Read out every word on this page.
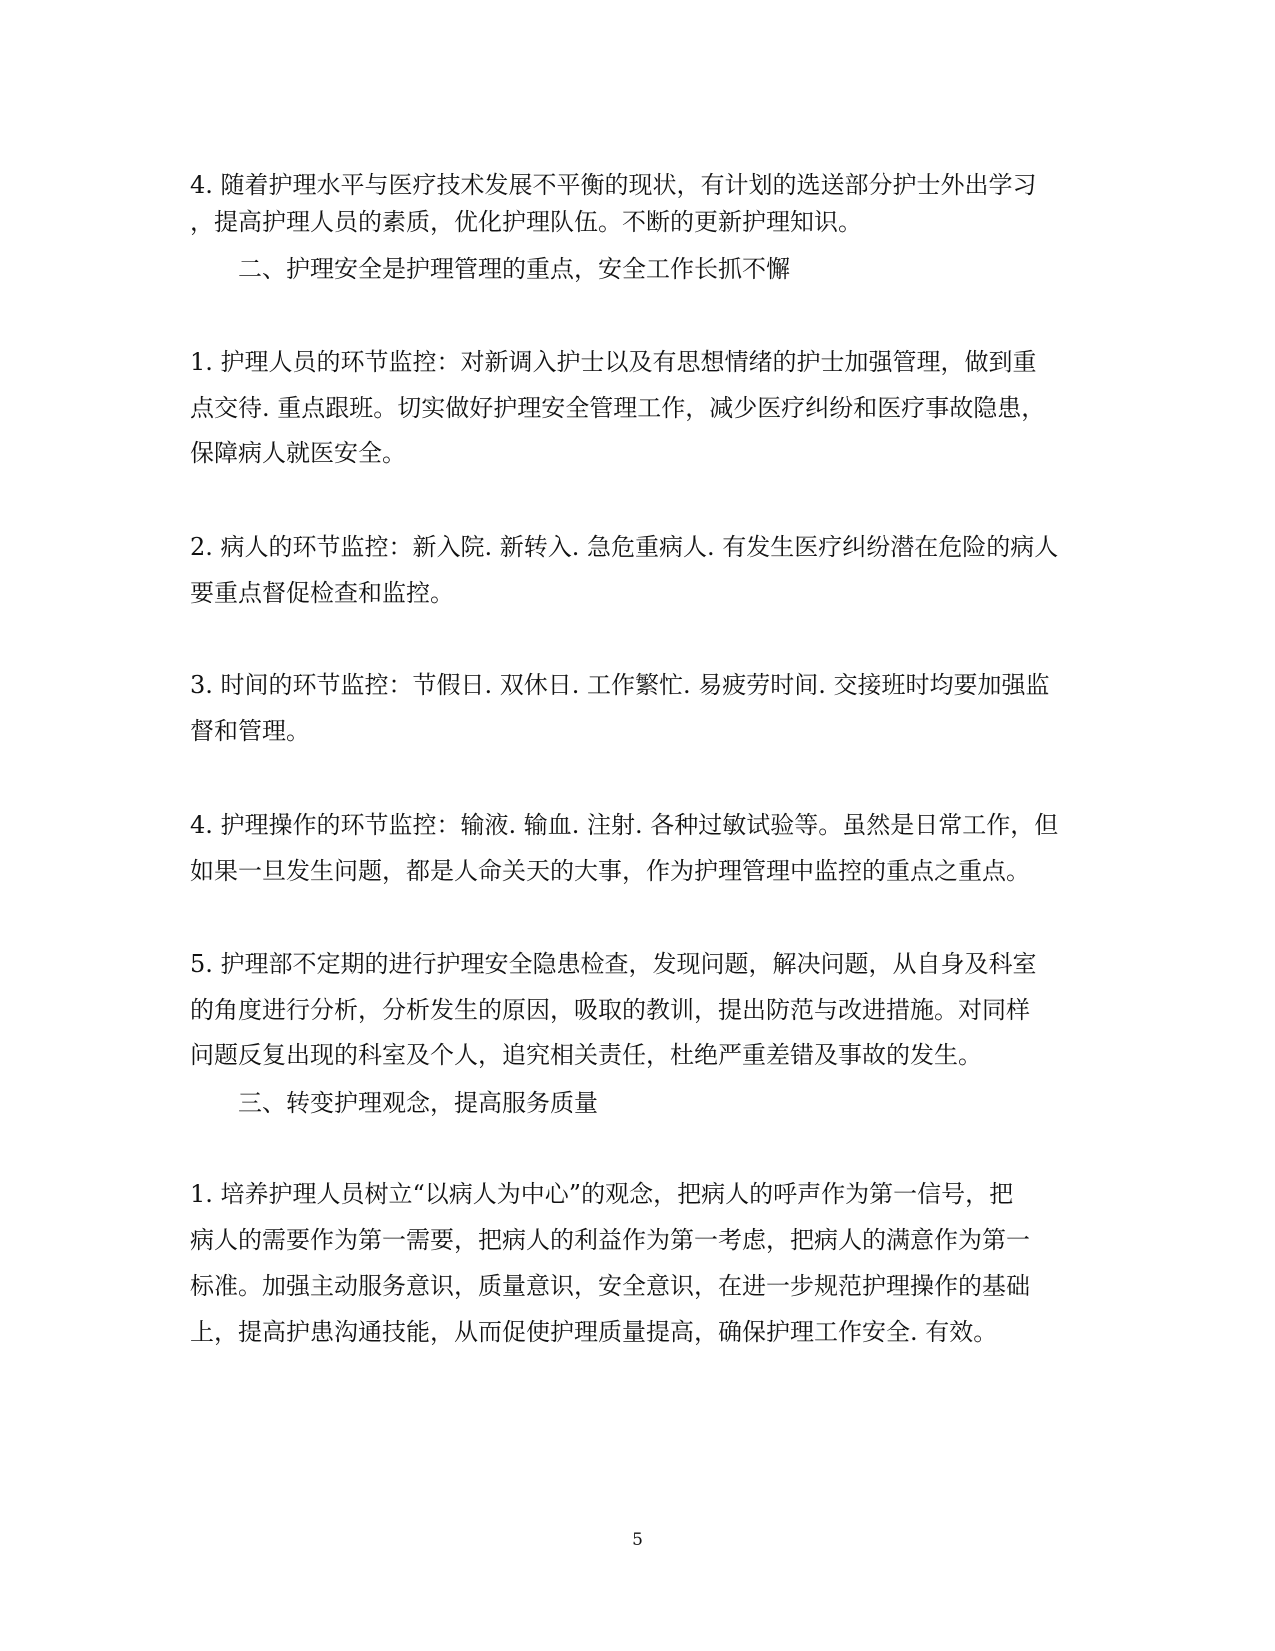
4. 随着护理水平与医疗技术发展不平衡的现状，有计划的选送部分护士外出学习
，提高护理人员的素质，优化护理队伍。不断的更新护理知识。
二、护理安全是护理管理的重点，安全工作长抓不懈
1. 护理人员的环节监控：对新调入护士以及有思想情绪的护士加强管理，做到重
点交待. 重点跟班。切实做好护理安全管理工作，减少医疗纠纷和医疗事故隐患，
保障病人就医安全。
2. 病人的环节监控：新入院. 新转入. 急危重病人. 有发生医疗纠纷潜在危险的病人
要重点督促检查和监控。
3. 时间的环节监控：节假日. 双休日. 工作繁忙. 易疲劳时间. 交接班时均要加强监
督和管理。
4. 护理操作的环节监控：输液. 输血. 注射. 各种过敏试验等。虽然是日常工作，但
如果一旦发生问题，都是人命关天的大事，作为护理管理中监控的重点之重点。
5. 护理部不定期的进行护理安全隐患检查，发现问题，解决问题，从自身及科室
的角度进行分析，分析发生的原因，吸取的教训，提出防范与改进措施。对同样
问题反复出现的科室及个人，追究相关责任，杜绝严重差错及事故的发生。
三、转变护理观念，提高服务质量
1. 培养护理人员树立“以病人为中心”的观念，把病人的呼声作为第一信号，把
病人的需要作为第一需要，把病人的利益作为第一考虑，把病人的满意作为第一
标准。加强主动服务意识，质量意识，安全意识，在进一步规范护理操作的基础
上，提高护患沟通技能，从而促使护理质量提高，确保护理工作安全. 有效。
5
